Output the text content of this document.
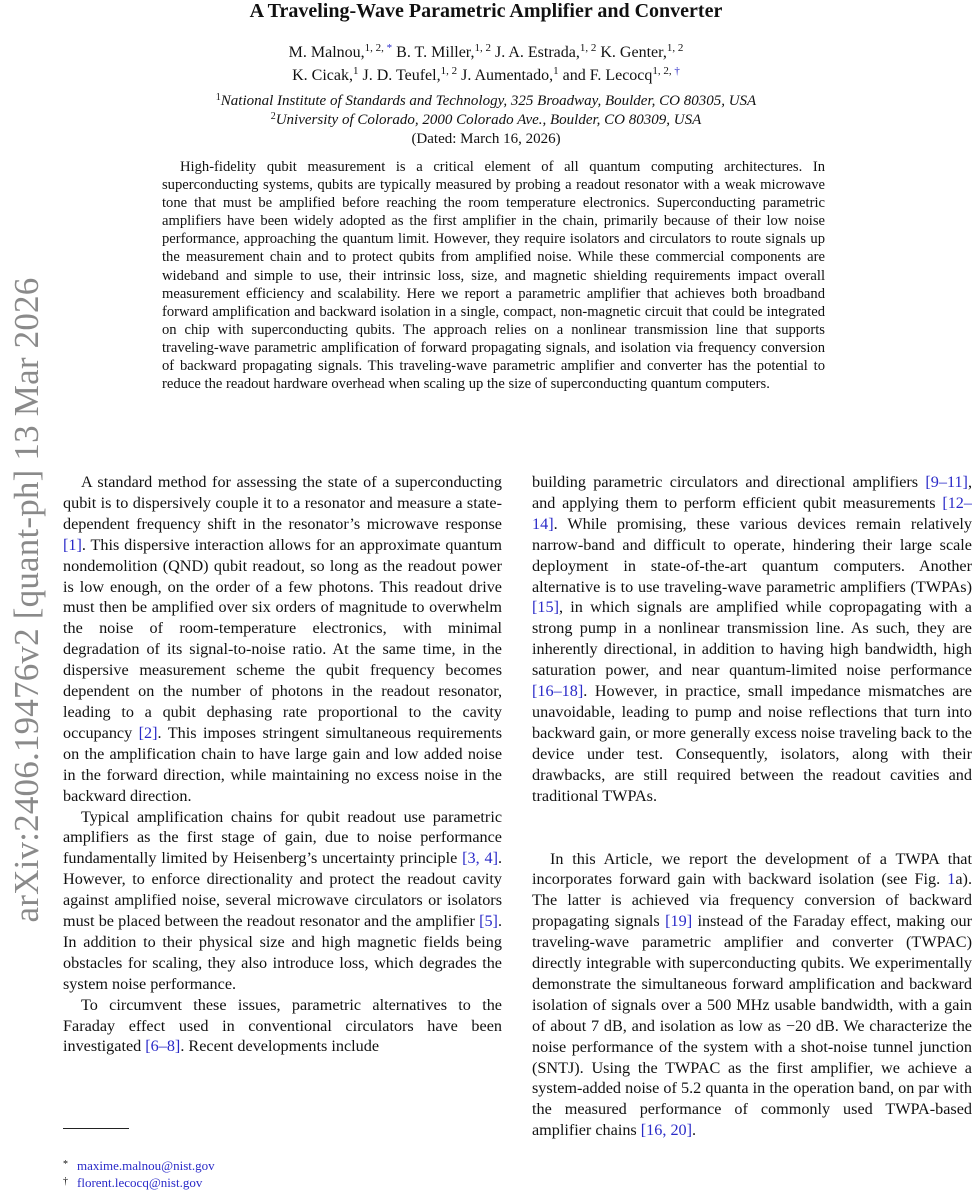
arXiv:2406.19476v2 [quant-ph] 13 Mar 2026
A Traveling-Wave Parametric Amplifier and Converter
M. Malnou,$^{1, 2, *}$ B. T. Miller,$^{1, 2}$ J. A. Estrada,$^{1, 2}$ K. Genter,$^{1, 2}$
K. Cicak,$^1$ J. D. Teufel,$^{1, 2}$ J. Aumentado,$^1$ and F. Lecocq$^{1, 2, \dagger}$
$^1$National Institute of Standards and Technology, 325 Broadway, Boulder, CO 80305, USA
$^2$University of Colorado, 2000 Colorado Ave., Boulder, CO 80309, USA
(Dated: March 16, 2026)
High-fidelity qubit measurement is a critical element of all quantum computing architectures. In superconducting systems, qubits are typically measured by probing a readout resonator with a weak microwave tone that must be amplified before reaching the room temperature electronics. Superconducting parametric amplifiers have been widely adopted as the first amplifier in the chain, primarily because of their low noise performance, approaching the quantum limit. However, they require isolators and circulators to route signals up the measurement chain and to protect qubits from amplified noise. While these commercial components are wideband and simple to use, their intrinsic loss, size, and magnetic shielding requirements impact overall measurement efficiency and scalability. Here we report a parametric amplifier that achieves both broadband forward amplification and backward isolation in a single, compact, non-magnetic circuit that could be integrated on chip with superconducting qubits. The approach relies on a nonlinear transmission line that supports traveling-wave parametric amplification of forward propagating signals, and isolation via frequency conversion of backward propagating signals. This traveling-wave parametric amplifier and converter has the potential to reduce the readout hardware overhead when scaling up the size of superconducting quantum computers.

A standard method for assessing the state of a superconducting qubit is to dispersively couple it to a resonator and measure a state-dependent frequency shift in the resonator’s microwave response [1]. This dispersive interaction allows for an approximate quantum nondemolition (QND) qubit readout, so long as the readout power is low enough, on the order of a few photons. This readout drive must then be amplified over six orders of magnitude to overwhelm the noise of room-temperature electronics, with minimal degradation of its signal-to-noise ratio. At the same time, in the dispersive measurement scheme the qubit frequency becomes dependent on the number of photons in the readout resonator, leading to a qubit dephasing rate proportional to the cavity occupancy [2]. This imposes stringent simultaneous requirements on the amplification chain to have large gain and low added noise in the forward direction, while maintaining no excess noise in the backward direction.

Typical amplification chains for qubit readout use parametric amplifiers as the first stage of gain, due to noise performance fundamentally limited by Heisenberg’s uncertainty principle [3, 4]. However, to enforce directionality and protect the readout cavity against amplified noise, several microwave circulators or isolators must be placed between the readout resonator and the amplifier [5]. In addition to their physical size and high magnetic fields being obstacles for scaling, they also introduce loss, which degrades the system noise performance.

To circumvent these issues, parametric alternatives to the Faraday effect used in conventional circulators have been investigated [6–8]. Recent developments include

building parametric circulators and directional amplifiers [9–11], and applying them to perform efficient qubit measurements [12–14]. While promising, these various devices remain relatively narrow-band and difficult to operate, hindering their large scale deployment in state-of-the-art quantum computers. Another alternative is to use traveling-wave parametric amplifiers (TWPAs) [15], in which signals are amplified while copropagating with a strong pump in a nonlinear transmission line. As such, they are inherently directional, in addition to having high bandwidth, high saturation power, and near quantum-limited noise performance [16–18]. However, in practice, small impedance mismatches are unavoidable, leading to pump and noise reflections that turn into backward gain, or more generally excess noise traveling back to the device under test. Consequently, isolators, along with their drawbacks, are still required between the readout cavities and traditional TWPAs.

In this Article, we report the development of a TWPA that incorporates forward gain with backward isolation (see Fig. 1a). The latter is achieved via frequency conversion of backward propagating signals [19] instead of the Faraday effect, making our traveling-wave parametric amplifier and converter (TWPAC) directly integrable with superconducting qubits. We experimentally demonstrate the simultaneous forward amplification and backward isolation of signals over a 500 MHz usable bandwidth, with a gain of about 7 dB, and isolation as low as −20 dB. We characterize the noise performance of the system with a shot-noise tunnel junction (SNTJ). Using the TWPAC as the first amplifier, we achieve a system-added noise of 5.2 quanta in the operation band, on par with the measured performance of commonly used TWPA-based amplifier chains [16, 20].

* maxime.malnou@nist.gov
† florent.lecocq@nist.gov
